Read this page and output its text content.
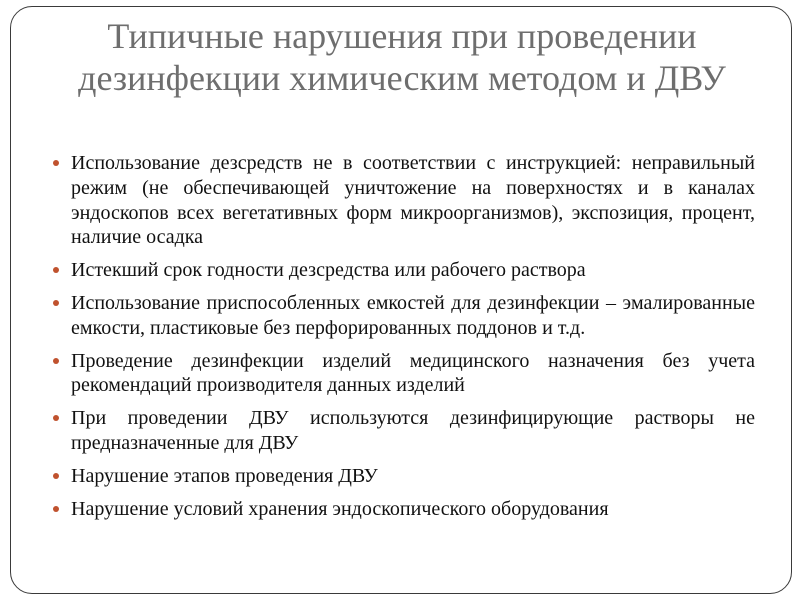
Типичные нарушения при проведении дезинфекции химическим методом и ДВУ
Использование дезсредств не в соответствии с инструкцией: неправильный режим (не обеспечивающей уничтожение на поверхностях и в каналах эндоскопов всех вегетативных форм микроорганизмов), экспозиция, процент, наличие осадка
Истекший срок годности дезсредства или рабочего раствора
Использование приспособленных емкостей для дезинфекции – эмалированные емкости, пластиковые без перфорированных поддонов и т.д.
Проведение дезинфекции изделий медицинского назначения без учета рекомендаций производителя данных изделий
При проведении ДВУ используются дезинфицирующие растворы не предназначенные для ДВУ
Нарушение этапов проведения ДВУ
Нарушение условий хранения эндоскопического оборудования
